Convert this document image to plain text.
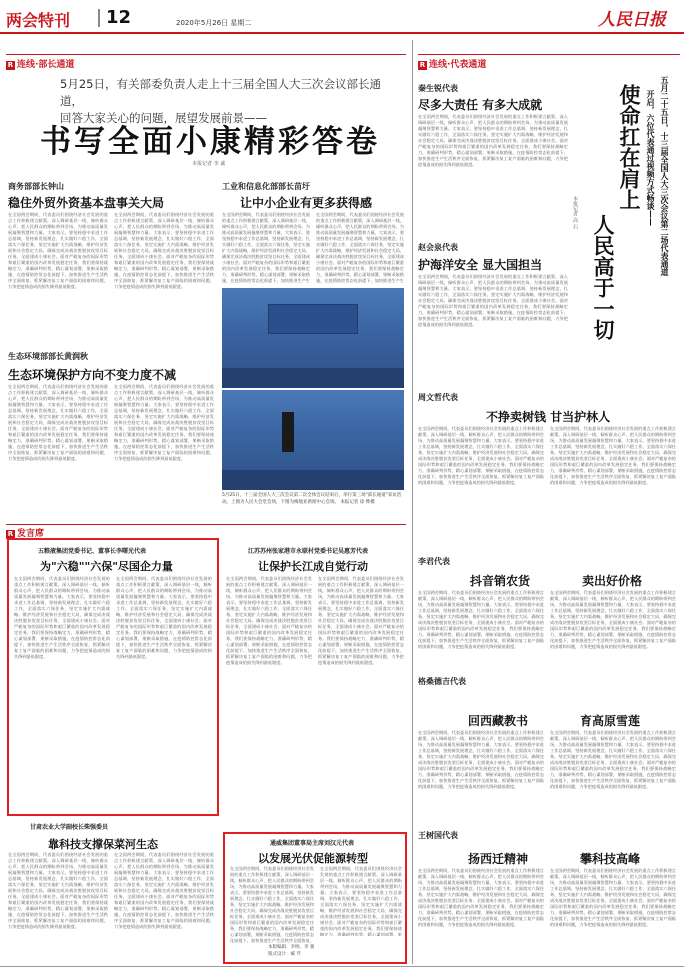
两会特刊 12	2020年5月26日 星期二	人民日报
R 连线·部长通道
5月25日，有关部委负责人走上十三届全国人大三次会议部长通道，
回答大家关心的问题，展望发展前景——
书写全面小康精彩答卷
本报记者 李 诚
商务部部长钟山
稳住外贸外资基本盘事关大局
在全国两会期间，代表委员们围绕经济社会发展的重点工作积极建言献策，深入调研基层一线，倾听群众心声，把人民群众的期盼带到会场，为推动高质量发展凝聚智慧和力量。大家表示，要坚持稳中求进工作总基调，坚持新发展理念，扎实做好六稳工作，全面落实六保任务，坚定实施扩大内需战略，维护经济发展和社会稳定大局，确保完成决战决胜脱贫攻坚目标任务，全面建成小康社会。面对严峻复杂的国际形势和艰巨繁重的国内改革发展稳定任务，我们要保持战略定力，准确研判形势，精心谋划部署，果断采取措施，在疫情防控常态化前提下，加快推进生产生活秩序全面恢复，抓紧解决复工复产面临的困难和问题，力争把疫情造成的损失降到最低限度。
在全国两会期间，代表委员们围绕经济社会发展的重点工作积极建言献策，深入调研基层一线，倾听群众心声，把人民群众的期盼带到会场，为推动高质量发展凝聚智慧和力量。大家表示，要坚持稳中求进工作总基调，坚持新发展理念，扎实做好六稳工作，全面落实六保任务，坚定实施扩大内需战略，维护经济发展和社会稳定大局，确保完成决战决胜脱贫攻坚目标任务，全面建成小康社会。面对严峻复杂的国际形势和艰巨繁重的国内改革发展稳定任务，我们要保持战略定力，准确研判形势，精心谋划部署，果断采取措施，在疫情防控常态化前提下，加快推进生产生活秩序全面恢复，抓紧解决复工复产面临的困难和问题，力争把疫情造成的损失降到最低限度。
工业和信息化部部长苗圩
让中小企业有更多获得感
在全国两会期间，代表委员们围绕经济社会发展的重点工作积极建言献策，深入调研基层一线，倾听群众心声，把人民群众的期盼带到会场，为推动高质量发展凝聚智慧和力量。大家表示，要坚持稳中求进工作总基调，坚持新发展理念，扎实做好六稳工作，全面落实六保任务，坚定实施扩大内需战略，维护经济发展和社会稳定大局，确保完成决战决胜脱贫攻坚目标任务，全面建成小康社会。面对严峻复杂的国际形势和艰巨繁重的国内改革发展稳定任务，我们要保持战略定力，准确研判形势，精心谋划部署，果断采取措施，在疫情防控常态化前提下，加快推进生产生
在全国两会期间，代表委员们围绕经济社会发展的重点工作积极建言献策，深入调研基层一线，倾听群众心声，把人民群众的期盼带到会场，为推动高质量发展凝聚智慧和力量。大家表示，要坚持稳中求进工作总基调，坚持新发展理念，扎实做好六稳工作，全面落实六保任务，坚定实施扩大内需战略，维护经济发展和社会稳定大局，确保完成决战决胜脱贫攻坚目标任务，全面建成小康社会。面对严峻复杂的国际形势和艰巨繁重的国内改革发展稳定任务，我们要保持战略定力，准确研判形势，精心谋划部署，果断采取措施，在疫情防控常态化前提下，加快推进生产生
5月25日，十三届全国人大三次会议第二次全体会议结束后，举行第三场"部长通道"采访活动。上图为人民大会堂会场，下图为梅地亚新闻中心会场。 本报记者 徐 烨摄
生态环境部部长黄润秋
生态环境保护方向不变力度不减
在全国两会期间，代表委员们围绕经济社会发展的重点工作积极建言献策，深入调研基层一线，倾听群众心声，把人民群众的期盼带到会场，为推动高质量发展凝聚智慧和力量。大家表示，要坚持稳中求进工作总基调，坚持新发展理念，扎实做好六稳工作，全面落实六保任务，坚定实施扩大内需战略，维护经济发展和社会稳定大局，确保完成决战决胜脱贫攻坚目标任务，全面建成小康社会。面对严峻复杂的国际形势和艰巨繁重的国内改革发展稳定任务，我们要保持战略定力，准确研判形势，精心谋划部署，果断采取措施，在疫情防控常态化前提下，加快推进生产生活秩序全面恢复，抓紧解决复工复产面临的困难和问题，力争把疫情造成的损失降到最低限度。
在全国两会期间，代表委员们围绕经济社会发展的重点工作积极建言献策，深入调研基层一线，倾听群众心声，把人民群众的期盼带到会场，为推动高质量发展凝聚智慧和力量。大家表示，要坚持稳中求进工作总基调，坚持新发展理念，扎实做好六稳工作，全面落实六保任务，坚定实施扩大内需战略，维护经济发展和社会稳定大局，确保完成决战决胜脱贫攻坚目标任务，全面建成小康社会。面对严峻复杂的国际形势和艰巨繁重的国内改革发展稳定任务，我们要保持战略定力，准确研判形势，精心谋划部署，果断采取措施，在疫情防控常态化前提下，加快推进生产生活秩序全面恢复，抓紧解决复工复产面临的困难和问题，力争把疫情造成的损失降到最低限度。
R 发言席
五粮液集团党委书记、董事长李曙光代表
为"六稳""六保"尽国企力量
在全国两会期间，代表委员们围绕经济社会发展的重点工作积极建言献策，深入调研基层一线，倾听群众心声，把人民群众的期盼带到会场，为推动高质量发展凝聚智慧和力量。大家表示，要坚持稳中求进工作总基调，坚持新发展理念，扎实做好六稳工作，全面落实六保任务，坚定实施扩大内需战略，维护经济发展和社会稳定大局，确保完成决战决胜脱贫攻坚目标任务，全面建成小康社会。面对严峻复杂的国际形势和艰巨繁重的国内改革发展稳定任务，我们要保持战略定力，准确研判形势，精心谋划部署，果断采取措施，在疫情防控常态化前提下，加快推进生产生活秩序全面恢复，抓紧解决复工复产面临的困难和问题，力争把疫情造成的损失降到最低限度。
在全国两会期间，代表委员们围绕经济社会发展的重点工作积极建言献策，深入调研基层一线，倾听群众心声，把人民群众的期盼带到会场，为推动高质量发展凝聚智慧和力量。大家表示，要坚持稳中求进工作总基调，坚持新发展理念，扎实做好六稳工作，全面落实六保任务，坚定实施扩大内需战略，维护经济发展和社会稳定大局，确保完成决战决胜脱贫攻坚目标任务，全面建成小康社会。面对严峻复杂的国际形势和艰巨繁重的国内改革发展稳定任务，我们要保持战略定力，准确研判形势，精心谋划部署，果断采取措施，在疫情防控常态化前提下，加快推进生产生活秩序全面恢复，抓紧解决复工复产面临的困难和问题，力争把疫情造成的损失降到最低限度。
江苏苏州张家港市永联村党委书记吴惠芳代表
让保护长江成自觉行动
在全国两会期间，代表委员们围绕经济社会发展的重点工作积极建言献策，深入调研基层一线，倾听群众心声，把人民群众的期盼带到会场，为推动高质量发展凝聚智慧和力量。大家表示，要坚持稳中求进工作总基调，坚持新发展理念，扎实做好六稳工作，全面落实六保任务，坚定实施扩大内需战略，维护经济发展和社会稳定大局，确保完成决战决胜脱贫攻坚目标任务，全面建成小康社会。面对严峻复杂的国际形势和艰巨繁重的国内改革发展稳定任务，我们要保持战略定力，准确研判形势，精心谋划部署，果断采取措施，在疫情防控常态化前提下，加快推进生产生活秩序全面恢复，抓紧解决复工复产面临的困难和问题，力争把疫情造成的损失降到最低限度。
在全国两会期间，代表委员们围绕经济社会发展的重点工作积极建言献策，深入调研基层一线，倾听群众心声，把人民群众的期盼带到会场，为推动高质量发展凝聚智慧和力量。大家表示，要坚持稳中求进工作总基调，坚持新发展理念，扎实做好六稳工作，全面落实六保任务，坚定实施扩大内需战略，维护经济发展和社会稳定大局，确保完成决战决胜脱贫攻坚目标任务，全面建成小康社会。面对严峻复杂的国际形势和艰巨繁重的国内改革发展稳定任务，我们要保持战略定力，准确研判形势，精心谋划部署，果断采取措施，在疫情防控常态化前提下，加快推进生产生活秩序全面恢复，抓紧解决复工复产面临的困难和问题，力争把疫情造成的损失降到最低限度。
甘肃农业大学副校长柴强委员
靠科技支撑保菜河生态
在全国两会期间，代表委员们围绕经济社会发展的重点工作积极建言献策，深入调研基层一线，倾听群众心声，把人民群众的期盼带到会场，为推动高质量发展凝聚智慧和力量。大家表示，要坚持稳中求进工作总基调，坚持新发展理念，扎实做好六稳工作，全面落实六保任务，坚定实施扩大内需战略，维护经济发展和社会稳定大局，确保完成决战决胜脱贫攻坚目标任务，全面建成小康社会。面对严峻复杂的国际形势和艰巨繁重的国内改革发展稳定任务，我们要保持战略定力，准确研判形势，精心谋划部署，果断采取措施，在疫情防控常态化前提下，加快推进生产生活秩序全面恢复，抓紧解决复工复产面临的困难和问题，力争把疫情造成的损失降到最低限度。
在全国两会期间，代表委员们围绕经济社会发展的重点工作积极建言献策，深入调研基层一线，倾听群众心声，把人民群众的期盼带到会场，为推动高质量发展凝聚智慧和力量。大家表示，要坚持稳中求进工作总基调，坚持新发展理念，扎实做好六稳工作，全面落实六保任务，坚定实施扩大内需战略，维护经济发展和社会稳定大局，确保完成决战决胜脱贫攻坚目标任务，全面建成小康社会。面对严峻复杂的国际形势和艰巨繁重的国内改革发展稳定任务，我们要保持战略定力，准确研判形势，精心谋划部署，果断采取措施，在疫情防控常态化前提下，加快推进生产生活秩序全面恢复，抓紧解决复工复产面临的困难和问题，力争把疫情造成的损失降到最低限度。
通威集团董事局主席刘汉元代表
以发展光伏促能源转型
在全国两会期间，代表委员们围绕经济社会发展的重点工作积极建言献策，深入调研基层一线，倾听群众心声，把人民群众的期盼带到会场，为推动高质量发展凝聚智慧和力量。大家表示，要坚持稳中求进工作总基调，坚持新发展理念，扎实做好六稳工作，全面落实六保任务，坚定实施扩大内需战略，维护经济发展和社会稳定大局，确保完成决战决胜脱贫攻坚目标任务，全面建成小康社会。面对严峻复杂的国际形势和艰巨繁重的国内改革发展稳定任务，我们要保持战略定力，准确研判形势，精心谋划部署，果断采取措施，在疫情防控常态化前提下，加快推进生产生活秩序全面恢复，
在全国两会期间，代表委员们围绕经济社会发展的重点工作积极建言献策，深入调研基层一线，倾听群众心声，把人民群众的期盼带到会场，为推动高质量发展凝聚智慧和力量。大家表示，要坚持稳中求进工作总基调，坚持新发展理念，扎实做好六稳工作，全面落实六保任务，坚定实施扩大内需战略，维护经济发展和社会稳定大局，确保完成决战决胜脱贫攻坚目标任务，全面建成小康社会。面对严峻复杂的国际形势和艰巨繁重的国内改革发展稳定任务，我们要保持战略定力，准确研判形势，精心谋划部署，果
本版编辑：李纳、李 强
版式设计：臧 芹
R 连线·代表通道
五月二十五日，十三届全国人大三次会议第二场代表通道
开启，六位代表通过视频方式畅谈——
使命扛在肩上
人民高于一切
本报记者 高 石
秦生锐代表
尽多大责任 有多大成就
在全国两会期间，代表委员们围绕经济社会发展的重点工作积极建言献策，深入调研基层一线，倾听群众心声，把人民群众的期盼带到会场，为推动高质量发展凝聚智慧和力量。大家表示，要坚持稳中求进工作总基调，坚持新发展理念，扎实做好六稳工作，全面落实六保任务，坚定实施扩大内需战略，维护经济发展和社会稳定大局，确保完成决战决胜脱贫攻坚目标任务，全面建成小康社会。面对严峻复杂的国际形势和艰巨繁重的国内改革发展稳定任务，我们要保持战略定力，准确研判形势，精心谋划部署，果断采取措施，在疫情防控常态化前提下，加快推进生产生活秩序全面恢复，抓紧解决复工复产面临的困难和问题，力争把疫情造成的损失降到最低限度。
赵会泉代表
护海洋安全 显大国担当
在全国两会期间，代表委员们围绕经济社会发展的重点工作积极建言献策，深入调研基层一线，倾听群众心声，把人民群众的期盼带到会场，为推动高质量发展凝聚智慧和力量。大家表示，要坚持稳中求进工作总基调，坚持新发展理念，扎实做好六稳工作，全面落实六保任务，坚定实施扩大内需战略，维护经济发展和社会稳定大局，确保完成决战决胜脱贫攻坚目标任务，全面建成小康社会。面对严峻复杂的国际形势和艰巨繁重的国内改革发展稳定任务，我们要保持战略定力，准确研判形势，精心谋划部署，果断采取措施，在疫情防控常态化前提下，加快推进生产生活秩序全面恢复，抓紧解决复工复产面临的困难和问题，力争把疫情造成的损失降到最低限度。
周文哲代表
不挣卖树钱 甘当护林人
在全国两会期间，代表委员们围绕经济社会发展的重点工作积极建言献策，深入调研基层一线，倾听群众心声，把人民群众的期盼带到会场，为推动高质量发展凝聚智慧和力量。大家表示，要坚持稳中求进工作总基调，坚持新发展理念，扎实做好六稳工作，全面落实六保任务，坚定实施扩大内需战略，维护经济发展和社会稳定大局，确保完成决战决胜脱贫攻坚目标任务，全面建成小康社会。面对严峻复杂的国际形势和艰巨繁重的国内改革发展稳定任务，我们要保持战略定力，准确研判形势，精心谋划部署，果断采取措施，在疫情防控常态化前提下，加快推进生产生活秩序全面恢复，抓紧解决复工复产面临的困难和问题，力争把疫情造成的损失降到最低限度。
在全国两会期间，代表委员们围绕经济社会发展的重点工作积极建言献策，深入调研基层一线，倾听群众心声，把人民群众的期盼带到会场，为推动高质量发展凝聚智慧和力量。大家表示，要坚持稳中求进工作总基调，坚持新发展理念，扎实做好六稳工作，全面落实六保任务，坚定实施扩大内需战略，维护经济发展和社会稳定大局，确保完成决战决胜脱贫攻坚目标任务，全面建成小康社会。面对严峻复杂的国际形势和艰巨繁重的国内改革发展稳定任务，我们要保持战略定力，准确研判形势，精心谋划部署，果断采取措施，在疫情防控常态化前提下，加快推进生产生活秩序全面恢复，抓紧解决复工复产面临的困难和问题，力争把疫情造成的损失降到最低限度。
李君代表
抖音销农货	卖出好价格
在全国两会期间，代表委员们围绕经济社会发展的重点工作积极建言献策，深入调研基层一线，倾听群众心声，把人民群众的期盼带到会场，为推动高质量发展凝聚智慧和力量。大家表示，要坚持稳中求进工作总基调，坚持新发展理念，扎实做好六稳工作，全面落实六保任务，坚定实施扩大内需战略，维护经济发展和社会稳定大局，确保完成决战决胜脱贫攻坚目标任务，全面建成小康社会。面对严峻复杂的国际形势和艰巨繁重的国内改革发展稳定任务，我们要保持战略定力，准确研判形势，精心谋划部署，果断采取措施，在疫情防控常态化前提下，加快推进生产生活秩序全面恢复，抓紧解决复工复产面临的困难和问题，力争把疫情造成的损失降到最低限度。
在全国两会期间，代表委员们围绕经济社会发展的重点工作积极建言献策，深入调研基层一线，倾听群众心声，把人民群众的期盼带到会场，为推动高质量发展凝聚智慧和力量。大家表示，要坚持稳中求进工作总基调，坚持新发展理念，扎实做好六稳工作，全面落实六保任务，坚定实施扩大内需战略，维护经济发展和社会稳定大局，确保完成决战决胜脱贫攻坚目标任务，全面建成小康社会。面对严峻复杂的国际形势和艰巨繁重的国内改革发展稳定任务，我们要保持战略定力，准确研判形势，精心谋划部署，果断采取措施，在疫情防控常态化前提下，加快推进生产生活秩序全面恢复，抓紧解决复工复产面临的困难和问题，力争把疫情造成的损失降到最低限度。
格桑德吉代表
回西藏教书	育高原雪莲
在全国两会期间，代表委员们围绕经济社会发展的重点工作积极建言献策，深入调研基层一线，倾听群众心声，把人民群众的期盼带到会场，为推动高质量发展凝聚智慧和力量。大家表示，要坚持稳中求进工作总基调，坚持新发展理念，扎实做好六稳工作，全面落实六保任务，坚定实施扩大内需战略，维护经济发展和社会稳定大局，确保完成决战决胜脱贫攻坚目标任务，全面建成小康社会。面对严峻复杂的国际形势和艰巨繁重的国内改革发展稳定任务，我们要保持战略定力，准确研判形势，精心谋划部署，果断采取措施，在疫情防控常态化前提下，加快推进生产生活秩序全面恢复，抓紧解决复工复产面临的困难和问题，力争把疫情造成的损失降到最低限度。
在全国两会期间，代表委员们围绕经济社会发展的重点工作积极建言献策，深入调研基层一线，倾听群众心声，把人民群众的期盼带到会场，为推动高质量发展凝聚智慧和力量。大家表示，要坚持稳中求进工作总基调，坚持新发展理念，扎实做好六稳工作，全面落实六保任务，坚定实施扩大内需战略，维护经济发展和社会稳定大局，确保完成决战决胜脱贫攻坚目标任务，全面建成小康社会。面对严峻复杂的国际形势和艰巨繁重的国内改革发展稳定任务，我们要保持战略定力，准确研判形势，精心谋划部署，果断采取措施，在疫情防控常态化前提下，加快推进生产生活秩序全面恢复，抓紧解决复工复产面临的困难和问题，力争把疫情造成的损失降到最低限度。
王树国代表
扬西迁精神	攀科技高峰
在全国两会期间，代表委员们围绕经济社会发展的重点工作积极建言献策，深入调研基层一线，倾听群众心声，把人民群众的期盼带到会场，为推动高质量发展凝聚智慧和力量。大家表示，要坚持稳中求进工作总基调，坚持新发展理念，扎实做好六稳工作，全面落实六保任务，坚定实施扩大内需战略，维护经济发展和社会稳定大局，确保完成决战决胜脱贫攻坚目标任务，全面建成小康社会。面对严峻复杂的国际形势和艰巨繁重的国内改革发展稳定任务，我们要保持战略定力，准确研判形势，精心谋划部署，果断采取措施，在疫情防控常态化前提下，加快推进生产生活秩序全面恢复，抓紧解决复工复产面临的困难和问题，力争把疫情造成的损失降到最低限度。
在全国两会期间，代表委员们围绕经济社会发展的重点工作积极建言献策，深入调研基层一线，倾听群众心声，把人民群众的期盼带到会场，为推动高质量发展凝聚智慧和力量。大家表示，要坚持稳中求进工作总基调，坚持新发展理念，扎实做好六稳工作，全面落实六保任务，坚定实施扩大内需战略，维护经济发展和社会稳定大局，确保完成决战决胜脱贫攻坚目标任务，全面建成小康社会。面对严峻复杂的国际形势和艰巨繁重的国内改革发展稳定任务，我们要保持战略定力，准确研判形势，精心谋划部署，果断采取措施，在疫情防控常态化前提下，加快推进生产生活秩序全面恢复，抓紧解决复工复产面临的困难和问题，力争把疫情造成的损失降到最低限度。
